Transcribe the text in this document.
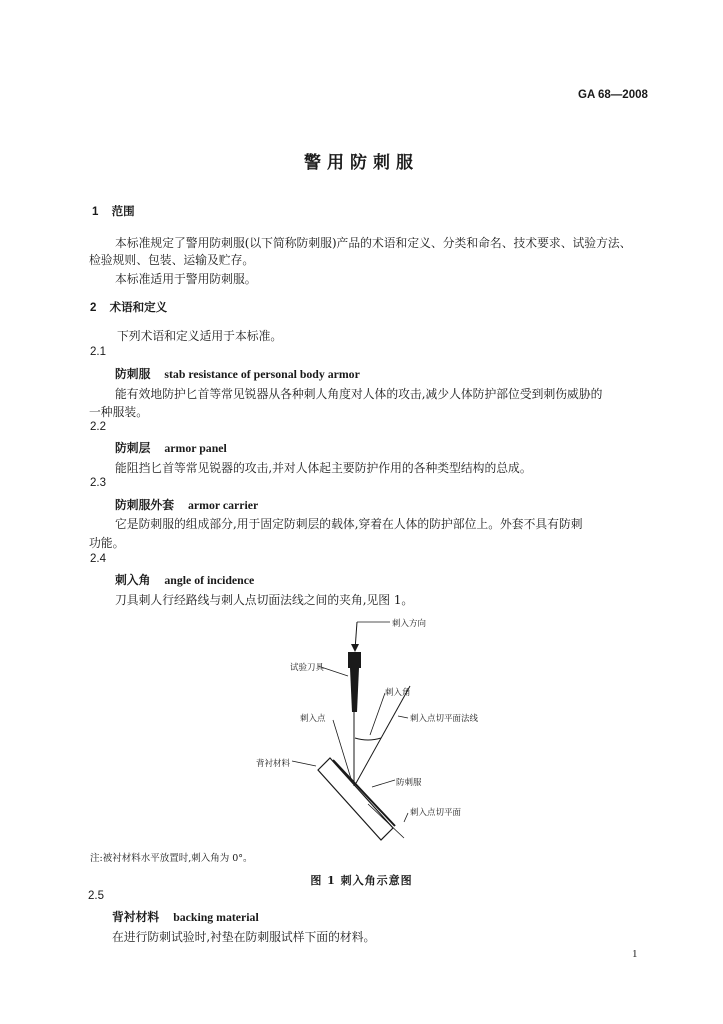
GA 68—2008
警用防刺服
1 范围
本标准规定了警用防刺服(以下简称防刺服)产品的术语和定义、分类和命名、技术要求、试验方法、
检验规则、包装、运输及贮存。
本标准适用于警用防刺服。
2 术语和定义
下列术语和定义适用于本标准。
2.1
防刺服 stab resistance of personal body armor
能有效地防护匕首等常见锐器从各种刺人角度对人体的攻击,减少人体防护部位受到刺伤威胁的
一种服装。
2.2
防刺层 armor panel
能阻挡匕首等常见锐器的攻击,并对人体起主要防护作用的各种类型结构的总成。
2.3
防刺服外套 armor carrier
它是防刺服的组成部分,用于固定防刺层的载体,穿着在人体的防护部位上。外套不具有防刺
功能。
2.4
刺入角 angle of incidence
刀具刺人行经路线与刺人点切面法线之间的夹角,见图 1。
刺入方向
试验刀具
刺入角
刺入点	刺入点切平面法线
背衬材料
防刺服
刺入点切平面
注:被衬材料水平放置时,刺入角为 0°。
图 1 刺入角示意图
2.5
背衬材料 backing material
在进行防刺试验时,衬垫在防刺服试样下面的材料。
1
